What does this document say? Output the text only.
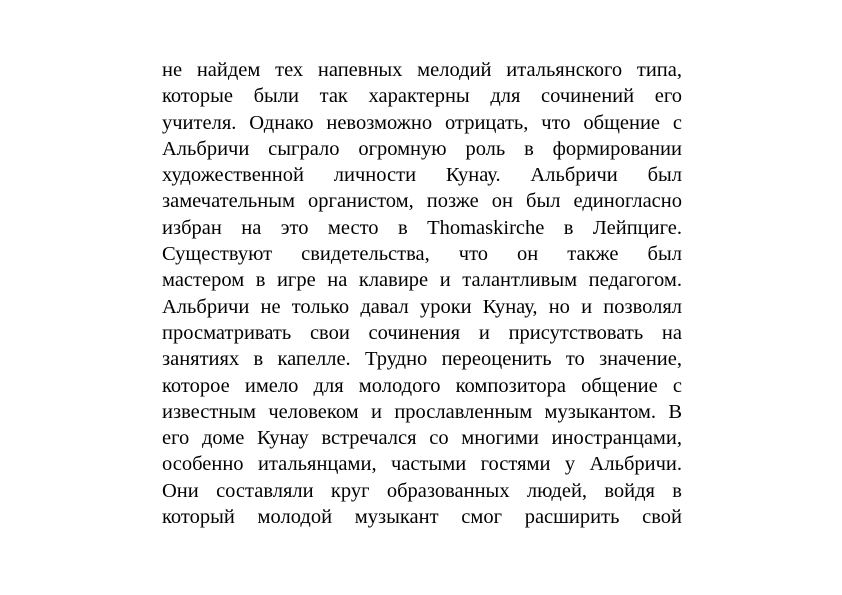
не найдем тех напевных мелодий итальянского типа,
которые были так характерны для сочинений его
учителя. Однако невозможно отрицать, что общение с
Альбричи сыграло огромную роль в формировании
художественной личности Кунау. Альбричи был
замечательным органистом, позже он был единогласно
избран на это место в Thomaskirche в Лейпциге.
Существуют свидетельства, что он также был
мастером в игре на клавире и талантливым педагогом.
Альбричи не только давал уроки Кунау, но и позволял
просматривать свои сочинения и присутствовать на
занятиях в капелле. Трудно переоценить то значение,
которое имело для молодого композитора общение с
известным человеком и прославленным музыкантом. В
его доме Кунау встречался со многими иностранцами,
особенно итальянцами, частыми гостями у Альбричи.
Они составляли круг образованных людей, войдя в
который молодой музыкант смог расширить свой
